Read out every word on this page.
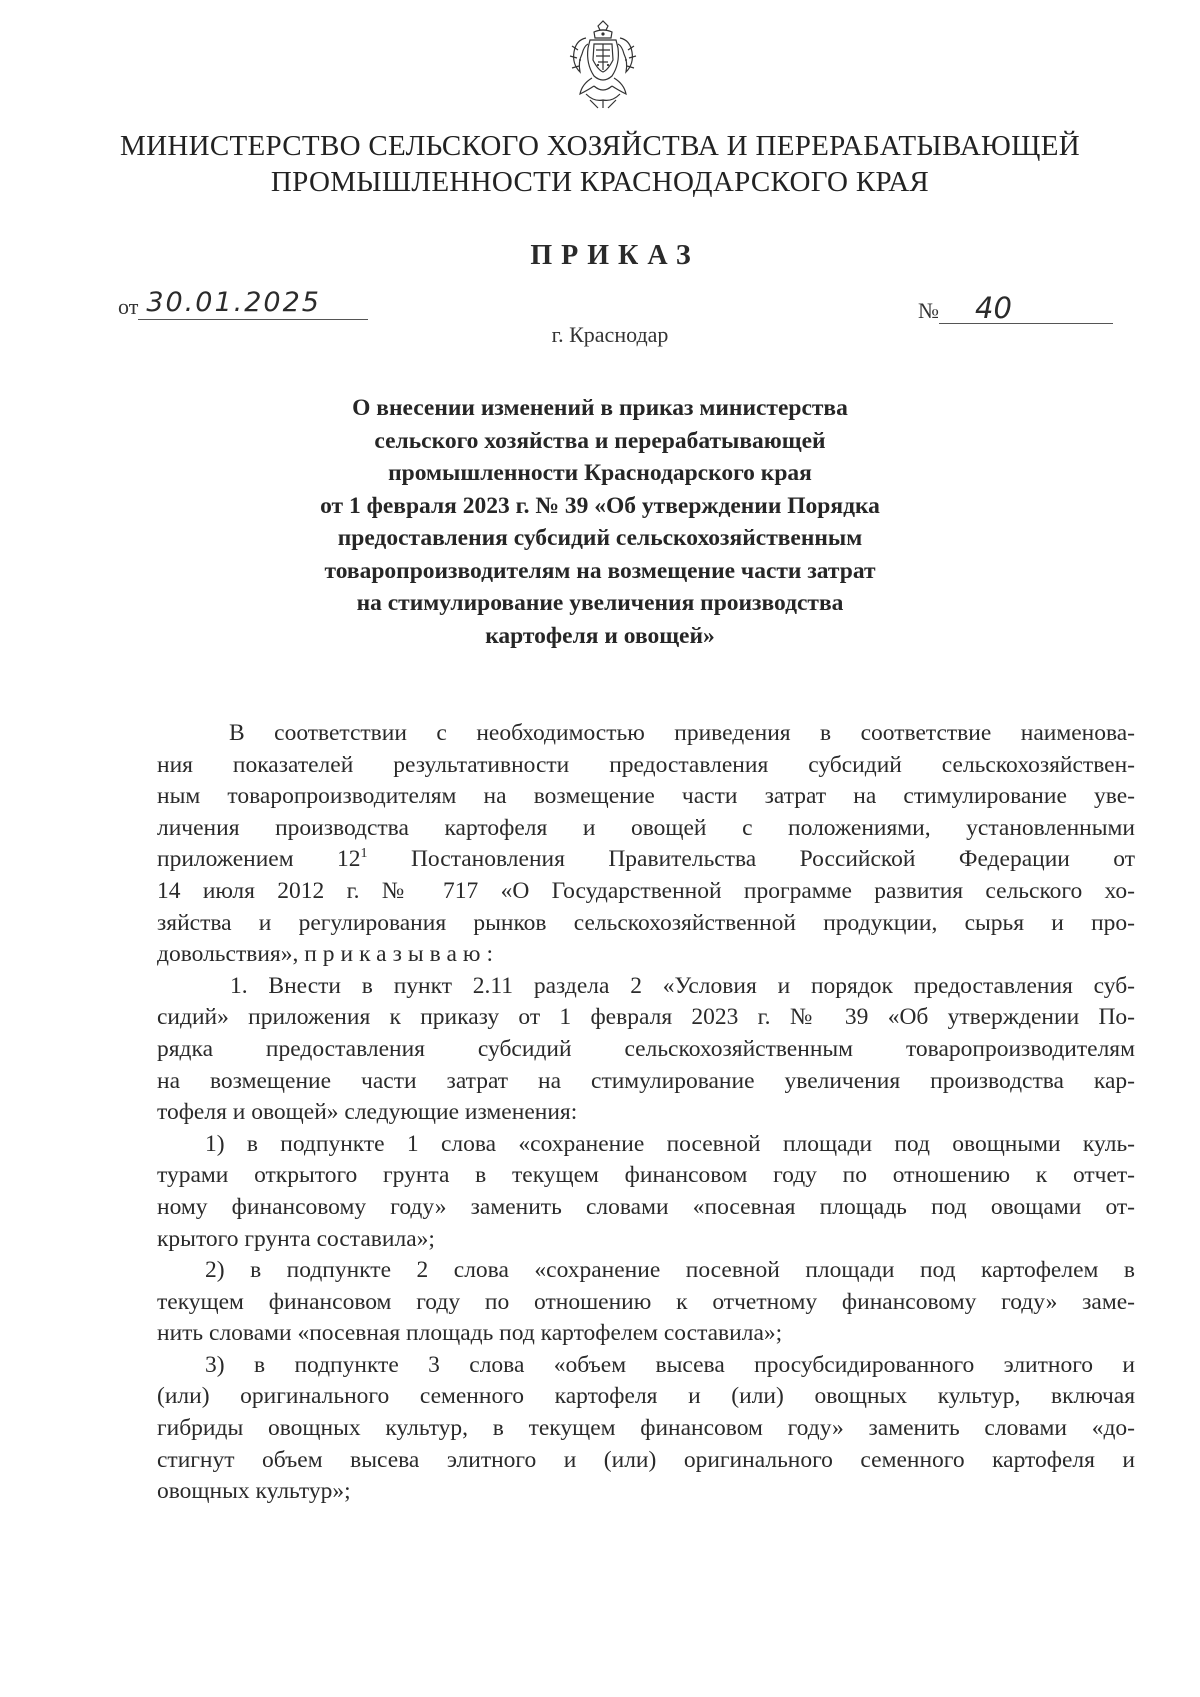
МИНИСТЕРСТВО СЕЛЬСКОГО ХОЗЯЙСТВА И ПЕРЕРАБАТЫВАЮЩЕЙ
ПРОМЫШЛЕННОСТИ КРАСНОДАРСКОГО КРАЯ
ПРИКАЗ
от 30.01.2025	№ 40
г. Краснодар
О внесении изменений в приказ министерства
сельского хозяйства и перерабатывающей
промышленности Краснодарского края
от 1 февраля 2023 г. № 39 «Об утверждении Порядка
предоставления субсидий сельскохозяйственным
товаропроизводителям на возмещение части затрат
на стимулирование увеличения производства
картофеля и овощей»
В соответствии с необходимостью приведения в соответствие наименова-
ния показателей результативности предоставления субсидий сельскохозяйствен-
ным товаропроизводителям на возмещение части затрат на стимулирование уве-
личения производства картофеля и овощей с положениями, установленными
приложением $12^1$ Постановления Правительства Российской Федерации от
14 июля 2012 г. № 717 «О Государственной программе развития сельского хо-
зяйства и регулирования рынков сельскохозяйственной продукции, сырья и про-
довольствия», приказываю:
1. Внести в пункт 2.11 раздела 2 «Условия и порядок предоставления суб-
сидий» приложения к приказу от 1 февраля 2023 г. № 39 «Об утверждении По-
рядка предоставления субсидий сельскохозяйственным товаропроизводителям
на возмещение части затрат на стимулирование увеличения производства кар-
тофеля и овощей» следующие изменения:
1) в подпункте 1 слова «сохранение посевной площади под овощными куль-
турами открытого грунта в текущем финансовом году по отношению к отчет-
ному финансовому году» заменить словами «посевная площадь под овощами от-
крытого грунта составила»;
2) в подпункте 2 слова «сохранение посевной площади под картофелем в
текущем финансовом году по отношению к отчетному финансовому году» заме-
нить словами «посевная площадь под картофелем составила»;
3) в подпункте 3 слова «объем высева просубсидированного элитного и
(или) оригинального семенного картофеля и (или) овощных культур, включая
гибриды овощных культур, в текущем финансовом году» заменить словами «до-
стигнут объем высева элитного и (или) оригинального семенного картофеля и
овощных культур»;
